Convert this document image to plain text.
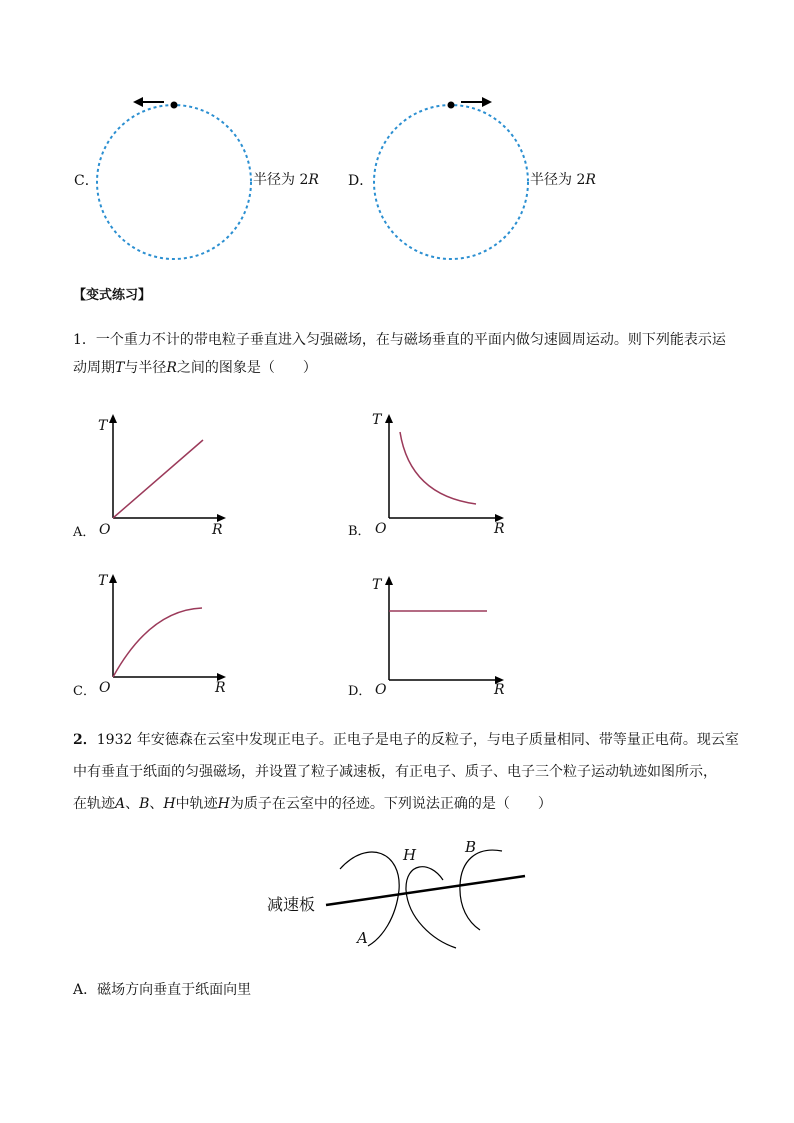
C．	半径为 2R D．	半径为 2R
【变式练习】
1．一个重力不计的带电粒子垂直进入匀强磁场，在与磁场垂直的平面内做匀速圆周运动。则下列能表示运
动周期T与半径R之间的图象是（　　）
T
O	R
A．
T
O	R
B．
T
O	R
C．
T
O	R
D．
2．1932 年安德森在云室中发现正电子。正电子是电子的反粒子，与电子质量相同、带等量正电荷。现云室
中有垂直于纸面的匀强磁场，并设置了粒子减速板，有正电子、质子、电子三个粒子运动轨迹如图所示，
在轨迹A、B、H中轨迹H为质子在云室中的径迹。下列说法正确的是（　　）
减速板
A
H	B
A．磁场方向垂直于纸面向里
